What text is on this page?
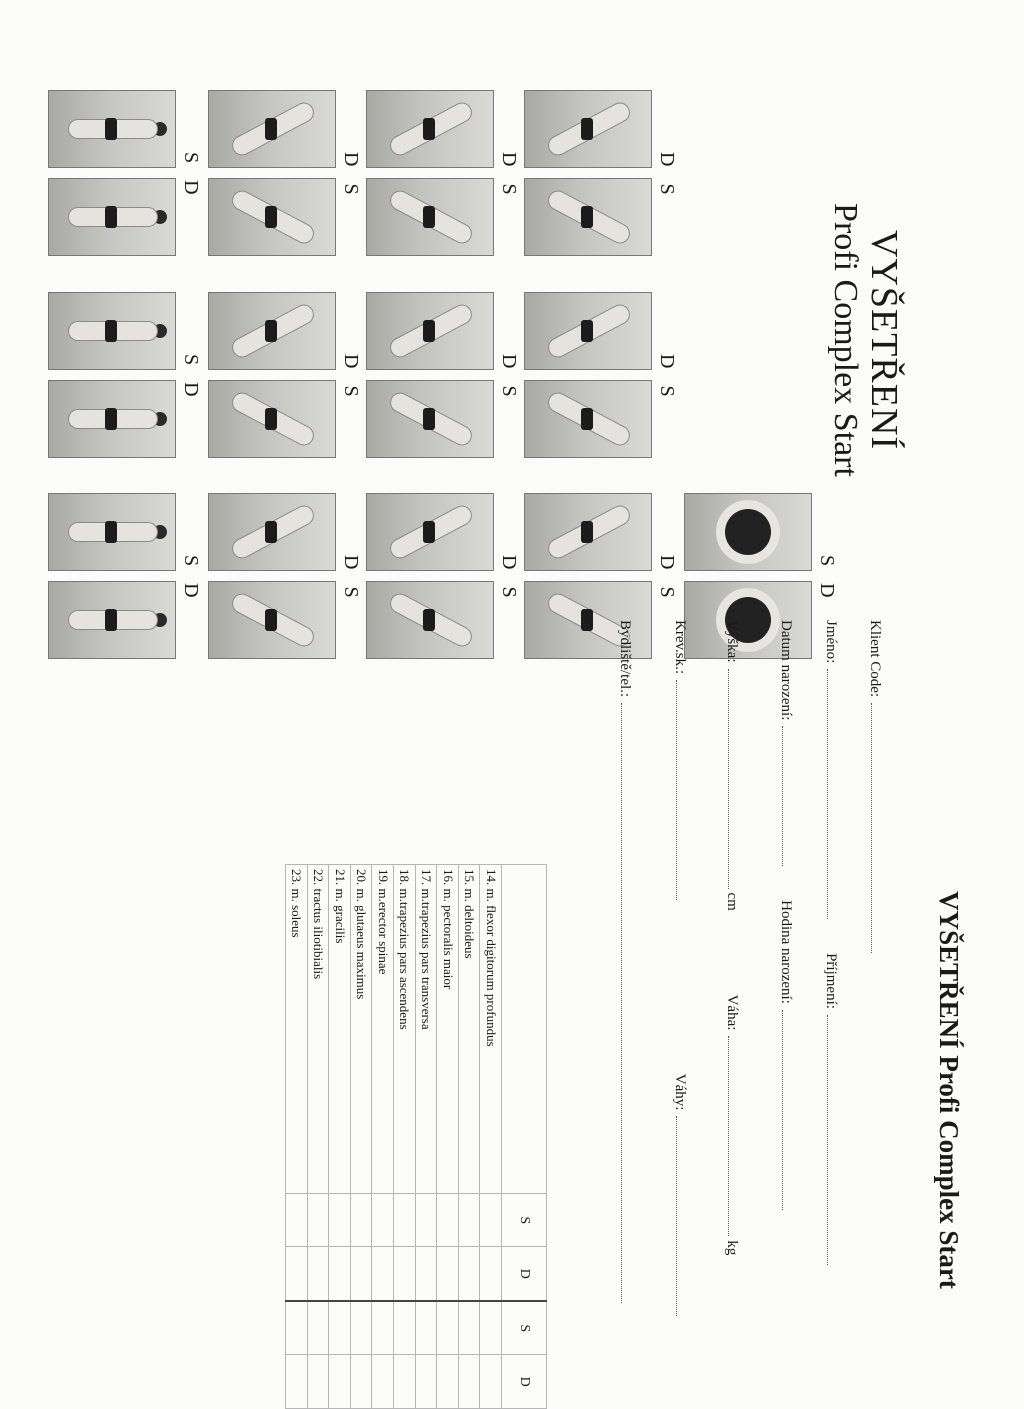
VYŠETŘENÍ
Profi Complex Start
S D
S D
S D
D S
D S
D S
D S
D S
D S
D S
D S
D S	S D
VYŠETŘENÍ Profi Complex Start
Klient Code:
Jméno: Příjmení:
Datum narození: Hodina narození:
Výška:cm Váha:kg
Krev.sk.: Váhy:
Bydliště/tel.:
	S	D	S	D
14. m. flexor digitorum profundus				
15. m. deltoideus				
16. m. pectoralis maior				
17. m.trapezius pars transversa				
18. m.trapezius pars ascendens				
19. m.erector spinae				
20. m. glutaeus maximus				
21. m. gracilis				
22. tractus iliotibialis				
23. m. soleus				
